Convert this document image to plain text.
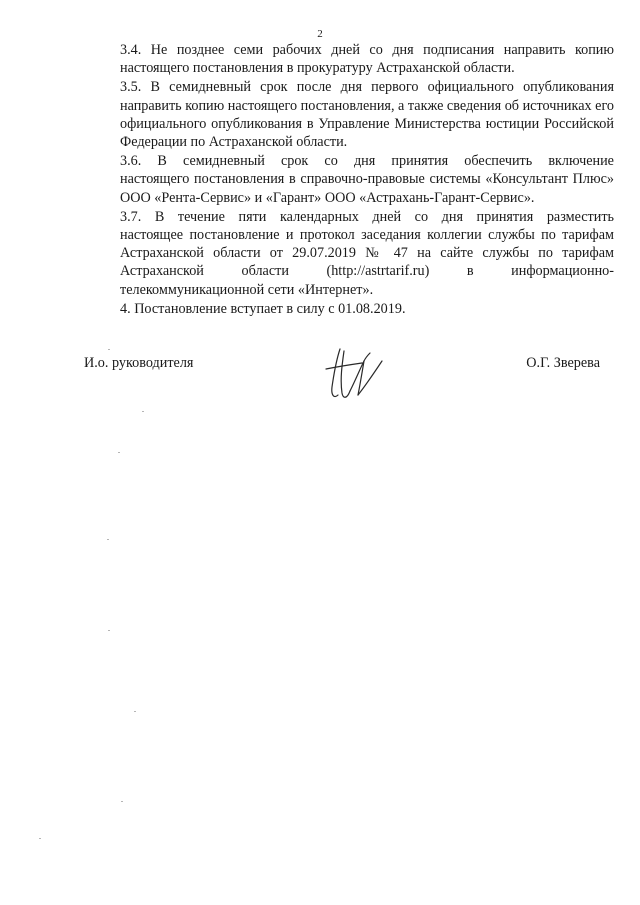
2
3.4. Не позднее семи рабочих дней со дня подписания направить копию
настоящего постановления в прокуратуру Астраханской области.
3.5. В семидневный срок после дня первого официального опубликования
направить копию настоящего постановления, а также сведения об источниках его
официального опубликования в Управление Министерства юстиции Российской
Федерации по Астраханской области.
3.6. В семидневный срок со дня принятия обеспечить включение
настоящего постановления в справочно-правовые системы «Консультант Плюс»
ООО «Рента-Сервис» и «Гарант» ООО «Астрахань-Гарант-Сервис».
3.7. В течение пяти календарных дней со дня принятия разместить
настоящее постановление и протокол заседания коллегии службы по тарифам
Астраханской области от 29.07.2019 № 47 на сайте службы по тарифам
Астраханской области (http://astrtarif.ru) в информационно-
телекоммуникационной сети «Интернет».
4. Постановление вступает в силу с 01.08.2019.
И.о. руководителя	О.Г. Зверева
